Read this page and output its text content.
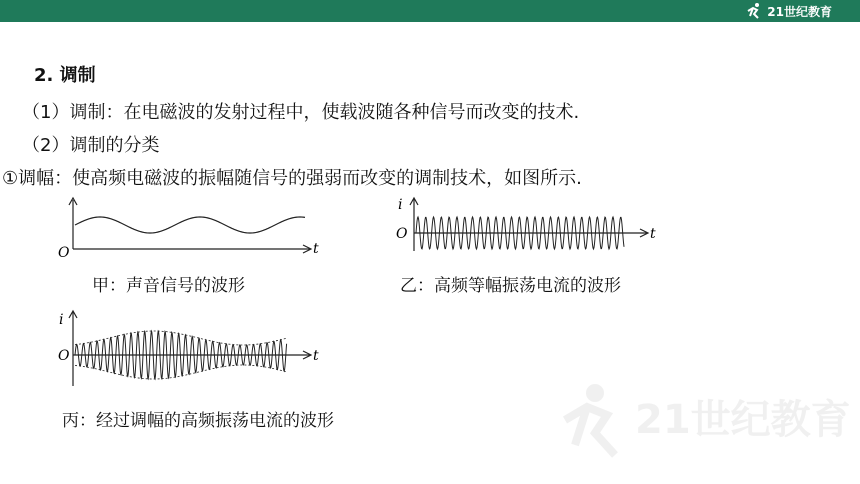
21世纪教育
2. 调制
（1）调制：在电磁波的发射过程中，使载波随各种信号而改变的技术.
（2）调制的分类
①调幅：使高频电磁波的振幅随信号的强弱而改变的调制技术，如图所示.
O	t
甲：声音信号的波形
i
O	t
乙：高频等幅振荡电流的波形
i
O	t
丙：经过调幅的高频振荡电流的波形	21世纪教育
